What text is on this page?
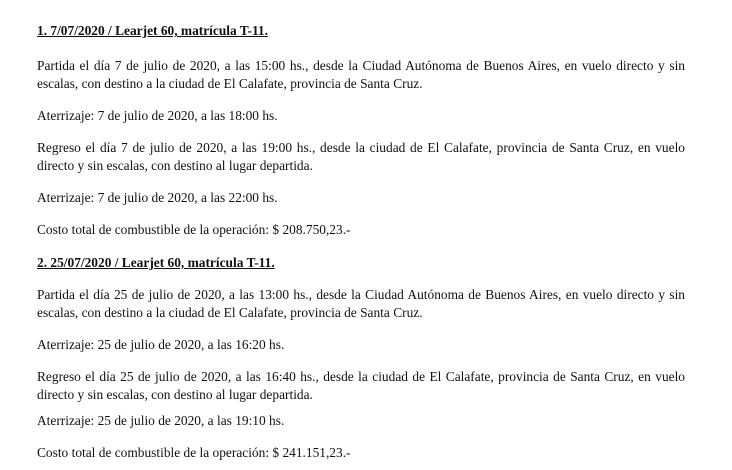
1. 7/07/2020 / Learjet 60, matrícula T-11.
Partida el día 7 de julio de 2020, a las 15:00 hs., desde la Ciudad Autónoma de Buenos Aires, en vuelo directo y sin escalas, con destino a la ciudad de El Calafate, provincia de Santa Cruz.
Aterrizaje: 7 de julio de 2020, a las 18:00 hs.
Regreso el día 7 de julio de 2020, a las 19:00 hs., desde la ciudad de El Calafate, provincia de Santa Cruz, en vuelo directo y sin escalas, con destino al lugar departida.
Aterrizaje: 7 de julio de 2020, a las 22:00 hs.
Costo total de combustible de la operación: $ 208.750,23.-
2. 25/07/2020 / Learjet 60, matrícula T-11.
Partida el día 25 de julio de 2020, a las 13:00 hs., desde la Ciudad Autónoma de Buenos Aires, en vuelo directo y sin escalas, con destino a la ciudad de El Calafate, provincia de Santa Cruz.
Aterrizaje: 25 de julio de 2020, a las 16:20 hs.
Regreso el día 25 de julio de 2020, a las 16:40 hs., desde la ciudad de El Calafate, provincia de Santa Cruz, en vuelo directo y sin escalas, con destino al lugar departida.
Aterrizaje: 25 de julio de 2020, a las 19:10 hs.
Costo total de combustible de la operación: $ 241.151,23.-
